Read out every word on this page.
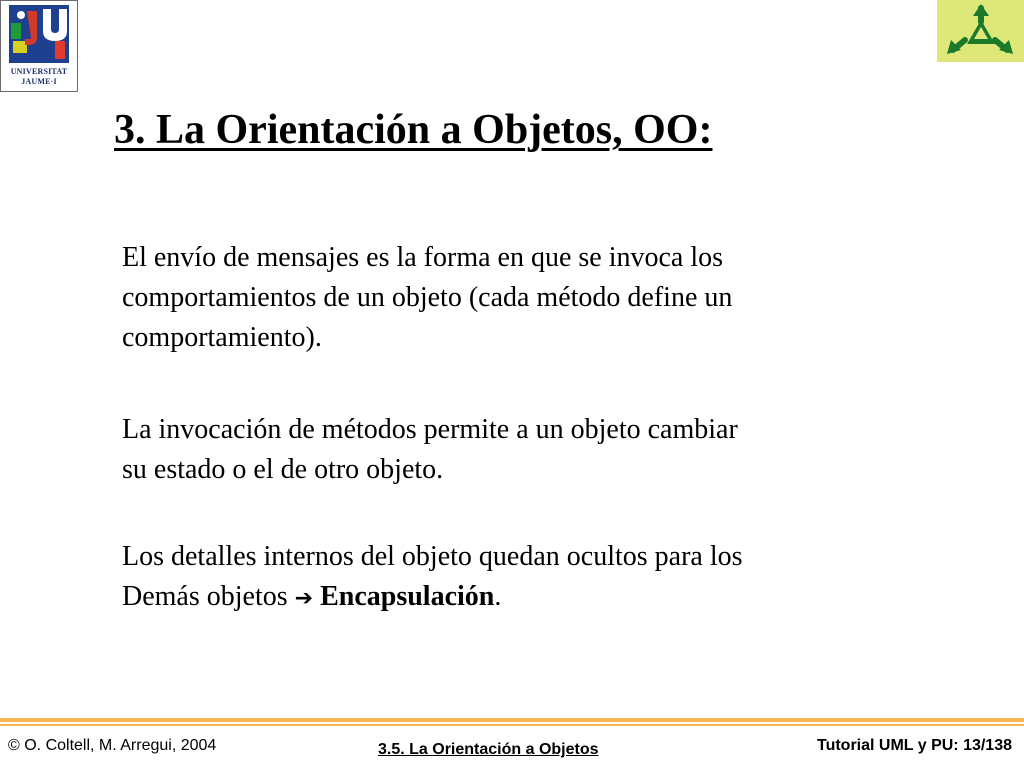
UNIVERSITAT
JAUME·I
3. La Orientación a Objetos, OO:

El envío de mensajes es la forma en que se invoca los
comportamientos de un objeto (cada método define un
comportamiento).

La invocación de métodos permite a un objeto cambiar
su estado o el de otro objeto.

Los detalles internos del objeto quedan ocultos para los
Demás objetos ➔ Encapsulación.

© O. Coltell, M. Arregui, 2004	3.5. La Orientación a Objetos	Tutorial UML y PU: 13/138
